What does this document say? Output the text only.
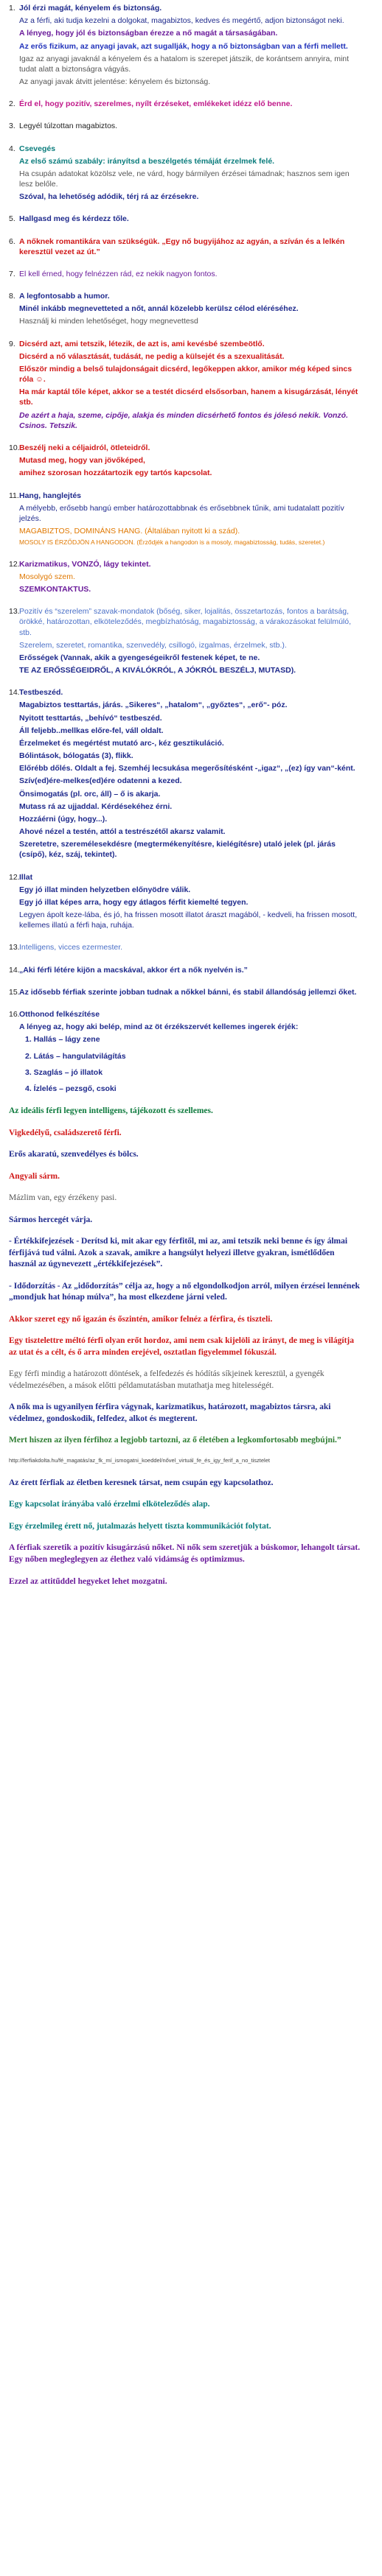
1. Jól érzi magát, kényelem és biztonság.
Az a férfi, aki tudja kezelni a dolgokat, magabiztos, kedves és megértő, adjon biztonságot neki.
A lényeg, hogy jól és biztonságban érezze a nő magát a társaságában.
Az erős fizikum, az anyagi javak, azt sugallják, hogy a nő biztonságban van a férfi mellett.
Igaz az anyagi javaknál a kényelem és a hatalom is szerepet játszik, de korántsem annyira, mint tudat alatt a biztonságra vágyás.
Az anyagi javak átvitt jelentése: kényelem és biztonság.
2. Érd el, hogy pozitív, szerelmes, nyílt érzéseket, emlékeket idézz elő benne.
3. Legyél túlzottan magabiztos.
4. Csevegés
Az első számú szabály: irányítsd a beszélgetés témáját érzelmek felé.
Ha csupán adatokat közölsz vele, ne várd, hogy bármilyen érzései támadnak; hasznos sem igen lesz belőle.
Szóval, ha lehetőség adódik, térj rá az érzésekre.
5. Hallgasd meg és kérdezz tőle.
6. A nőknek romantikára van szükségük. „Egy nő bugyijához az agyán, a szíván és a lelkén keresztül vezet az út.”
7. El kell érned, hogy felnézzen rád, ez nekik nagyon fontos.
8. A legfontosabb a humor.
Minél inkább megnevetteted a nőt, annál közelebb kerülsz célod eléréséhez.
Használj ki minden lehetőséget, hogy megnevettesd
9. Dicsérd azt, ami tetszik, létezik, de azt is, ami kevésbé szembeötlő.
Dicsérd a nő választását, tudását, ne pedig a külsejét és a szexualitását.
Először mindig a belső tulajdonságait dicsérd, legőkeppen akkor, amikor még képed sincs róla ☺.
Ha már kaptál tőle képet, akkor se a testét dicsérd elsősorban, hanem a kisugárzását, lényét stb.
De azért a haja, szeme, cipője, alakja és minden dicsérhető fontos és jólesó nekik. Vonzó. Csinos. Tetszik.
10. Beszélj neki a céljaidról, ötleteidről.
Mutasd meg, hogy van jövőképed,
amihez szorosan hozzátartozik egy tartós kapcsolat.
11. Hang, hanglejtés
A mélyebb, erősebb hangú ember határozottabbnak és erősebbnek tűnik, ami tudatalatt pozitív jelzés.
MAGABIZTOS, DOMINÁNS HANG. (Általában nyitott ki a szád).
MOSOLY IS ÉRZŐDJÖN A HANGODON. (Érződjék a hangodon is a mosoly, magabiztosság, tudás, szeretet.)
12. Karizmatikus, VONZÓ, lágy tekintet.
Mosolygó szem.
SZEMKONTAKTUS.
13. Pozitív és “szerelem” szavak-mondatok (bőség, siker, lojalitás, összetartozás, fontos a barátság, örökké, határozottan, elköteleződés, megbízhatóság, magabiztosság, a várakozásokat felülmúló, stb.
Szerelem, szeretet, romantika, szenvedély, csillogó, izgalmas, érzelmek, stb.).
Erősségek (Vannak, akik a gyengeségeikről festenek képet, te ne.
TE AZ ERŐSSÉGEIDRŐL, A KIVÁLÓKRÓL, A JÓKRÓL BESZÉLJ, MUTASD).
14. Testbeszéd.
Magabiztos testtartás, járás. „Sikeres“, „hatalom“, „győztes“, „erő“- póz.
Nyitott testtartás, „behívó“ testbeszéd.
Áll feljebb..mellkas előre-fel, váll oldalt.
Érzelmeket és megértést mutató arc-, kéz gesztikuláció.
Bólintások, bólogatás (3), flikk.
Előrébb dőlés. Oldalt a fej. Szemhéj lecsukása megerősítésként -„igaz“, „(ez) így van“-ként.
Szív(ed)ére-melkes(ed)ére odatenni a kezed.
Önsimogatás (pl. orc, áll) – ő is akarja.
Mutass rá az ujjaddal. Kérdésekéhez érni.
Hozzáérni (úgy, hogy...).
Ahové nézel a testén, attól a testrészétől akarsz valamit.
Szeretetre, szeremélesekdésre (megtermékenyítésre, kielégítésre) utaló jelek (pl. járás (csípő), kéz, száj, tekintet).
12. Illat
Egy jó illat minden helyzetben előnyödre válik.
Egy jó illat képes arra, hogy egy átlagos férfit kiemelté tegyen.
Legyen ápolt keze-lába, és jó, ha frissen mosott illatot áraszt magából, - kedveli, ha frissen mosott, kellemes illatú a férfi haja, ruhája.
13. Intelligens, vicces ezermester.
14. „Aki férfi létére kijön a macskával, akkor ért a nők nyelvén is.”
15. Az idősebb férfiak szerinte jobban tudnak a nőkkel bánni, és stabil állandóság jellemzi őket.
16. Otthonod felkészítése
A lényeg az, hogy aki belép, mind az öt érzékszervét kellemes ingerek érjék:
1. Hallás – lágy zene
2. Látás – hangulatvilágítás
3. Szaglás – jó illatok
4. Ízlelés – pezsgő, csoki
Az ideális férfi legyen intelligens, tájékozott és szellemes.
Vigkedélyű, családszerető férfi.
Erős akaratú, szenvedélyes és bölcs.
Angyali sárm.
Mázlim van, egy érzékeny pasi.
Sármos hercegét várja.
- Értékkifejezések - Derítsd ki, mit akar egy férfitől, mi az, ami tetszik neki benne és így álmai férfijává tud válni. Azok a szavak, amikre a hangsúlyt helyezi illetve gyakran, ismétlődően használ az úgynevezett „értékkifejezések”.
- Idődorzítás - Az „idődorzítás” célja az, hogy a nő elgondolkodjon arról, milyen érzései lennének „mondjuk hat hónap múlva”, ha most elkezdene járni veled.
Akkor szeret egy nő igazán és őszintén, amikor felnéz a férfira, és tiszteli.
Egy tisztelettre méltó férfi olyan erőt hordoz, ami nem csak kijelöli az irányt, de meg is világítja az utat és a célt, és ő arra minden erejével, osztatlan figyelemmel fókuszál.
Egy férfi mindig a határozott döntések, a felfedezés és hódítás síkjeinek keresztül, a gyengék védelmezésében, a mások előtti példamutatásban mutathatja meg hitelességét.
A nők ma is ugyanilyen férfira vágynak, karizmatikus, határozott, magabiztos társra, aki védelmez, gondoskodik, felfedez, alkot és megterent.
Mert hiszen az ilyen férfihoz a legjobb tartozni, az ő életében a legkomfortosabb megbújni.”
http://ferfiakdolta.hu/fé_magatás/az_fk_mí_ismogatni_koeddel/nővel_virtuál_fe_és_igy_ferif_a_no_tisztelet
Az érett férfiak az életben keresnek társat, nem csupán egy kapcsolathoz.
Egy kapcsolat irányába való érzelmi elköteleződés alap.
Egy érzelmileg érett nő, jutalmazás helyett tiszta kommunikációt folytat.
A férfiak szeretik a pozitív kisugárzású nőket. Ni nők sem szeretjük a búskomor, lehangolt társat. Egy nőben megleglegyen az élethez való vidámság és optimizmus.
Ezzel az attitűddel hegyeket lehet mozgatni.
